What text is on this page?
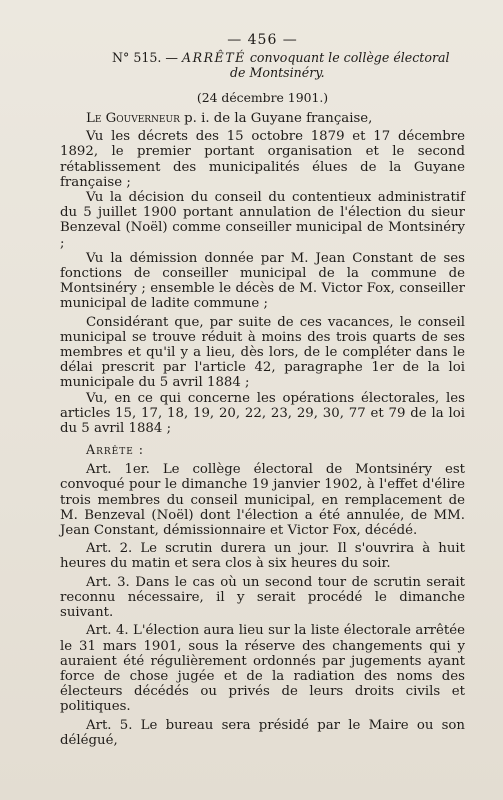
— 456 —
N° 515. — ARRÊTÉ convoquant le collège électoral
de Montsinéry.
(24 décembre 1901.)

Le Gouverneur p. i. de la Guyane française,

Vu les décrets des 15 octobre 1879 et 17 décembre 1892, le premier portant organisation et le second rétablissement des municipalités élues de la Guyane française ;

Vu la décision du conseil du contentieux administratif du 5 juillet 1900 portant annulation de l'élection du sieur Benzeval (Noël) comme conseiller municipal de Montsinéry ;

Vu la démission donnée par M. Jean Constant de ses fonctions de conseiller municipal de la commune de Montsinéry ; ensemble le décès de M. Victor Fox, conseiller municipal de ladite commune ;

Considérant que, par suite de ces vacances, le conseil municipal se trouve réduit à moins des trois quarts de ses membres et qu'il y a lieu, dès lors, de le compléter dans le délai prescrit par l'article 42, paragraphe 1er de la loi municipale du 5 avril 1884 ;

Vu, en ce qui concerne les opérations électorales, les articles 15, 17, 18, 19, 20, 22, 23, 29, 30, 77 et 79 de la loi du 5 avril 1884 ;

Arrête :

Art. 1er. Le collège électoral de Montsinéry est convoqué pour le dimanche 19 janvier 1902, à l'effet d'élire trois membres du conseil municipal, en remplacement de M. Benzeval (Noël) dont l'élection a été annulée, de MM. Jean Constant, démissionnaire et Victor Fox, décédé.

Art. 2. Le scrutin durera un jour. Il s'ouvrira à huit heures du matin et sera clos à six heures du soir.

Art. 3. Dans le cas où un second tour de scrutin serait reconnu nécessaire, il y serait procédé le dimanche suivant.

Art. 4. L'élection aura lieu sur la liste électorale arrêtée le 31 mars 1901, sous la réserve des changements qui y auraient été régulièrement ordonnés par jugements ayant force de chose jugée et de la radiation des noms des électeurs décédés ou privés de leurs droits civils et politiques.

Art. 5. Le bureau sera présidé par le Maire ou son délégué,
